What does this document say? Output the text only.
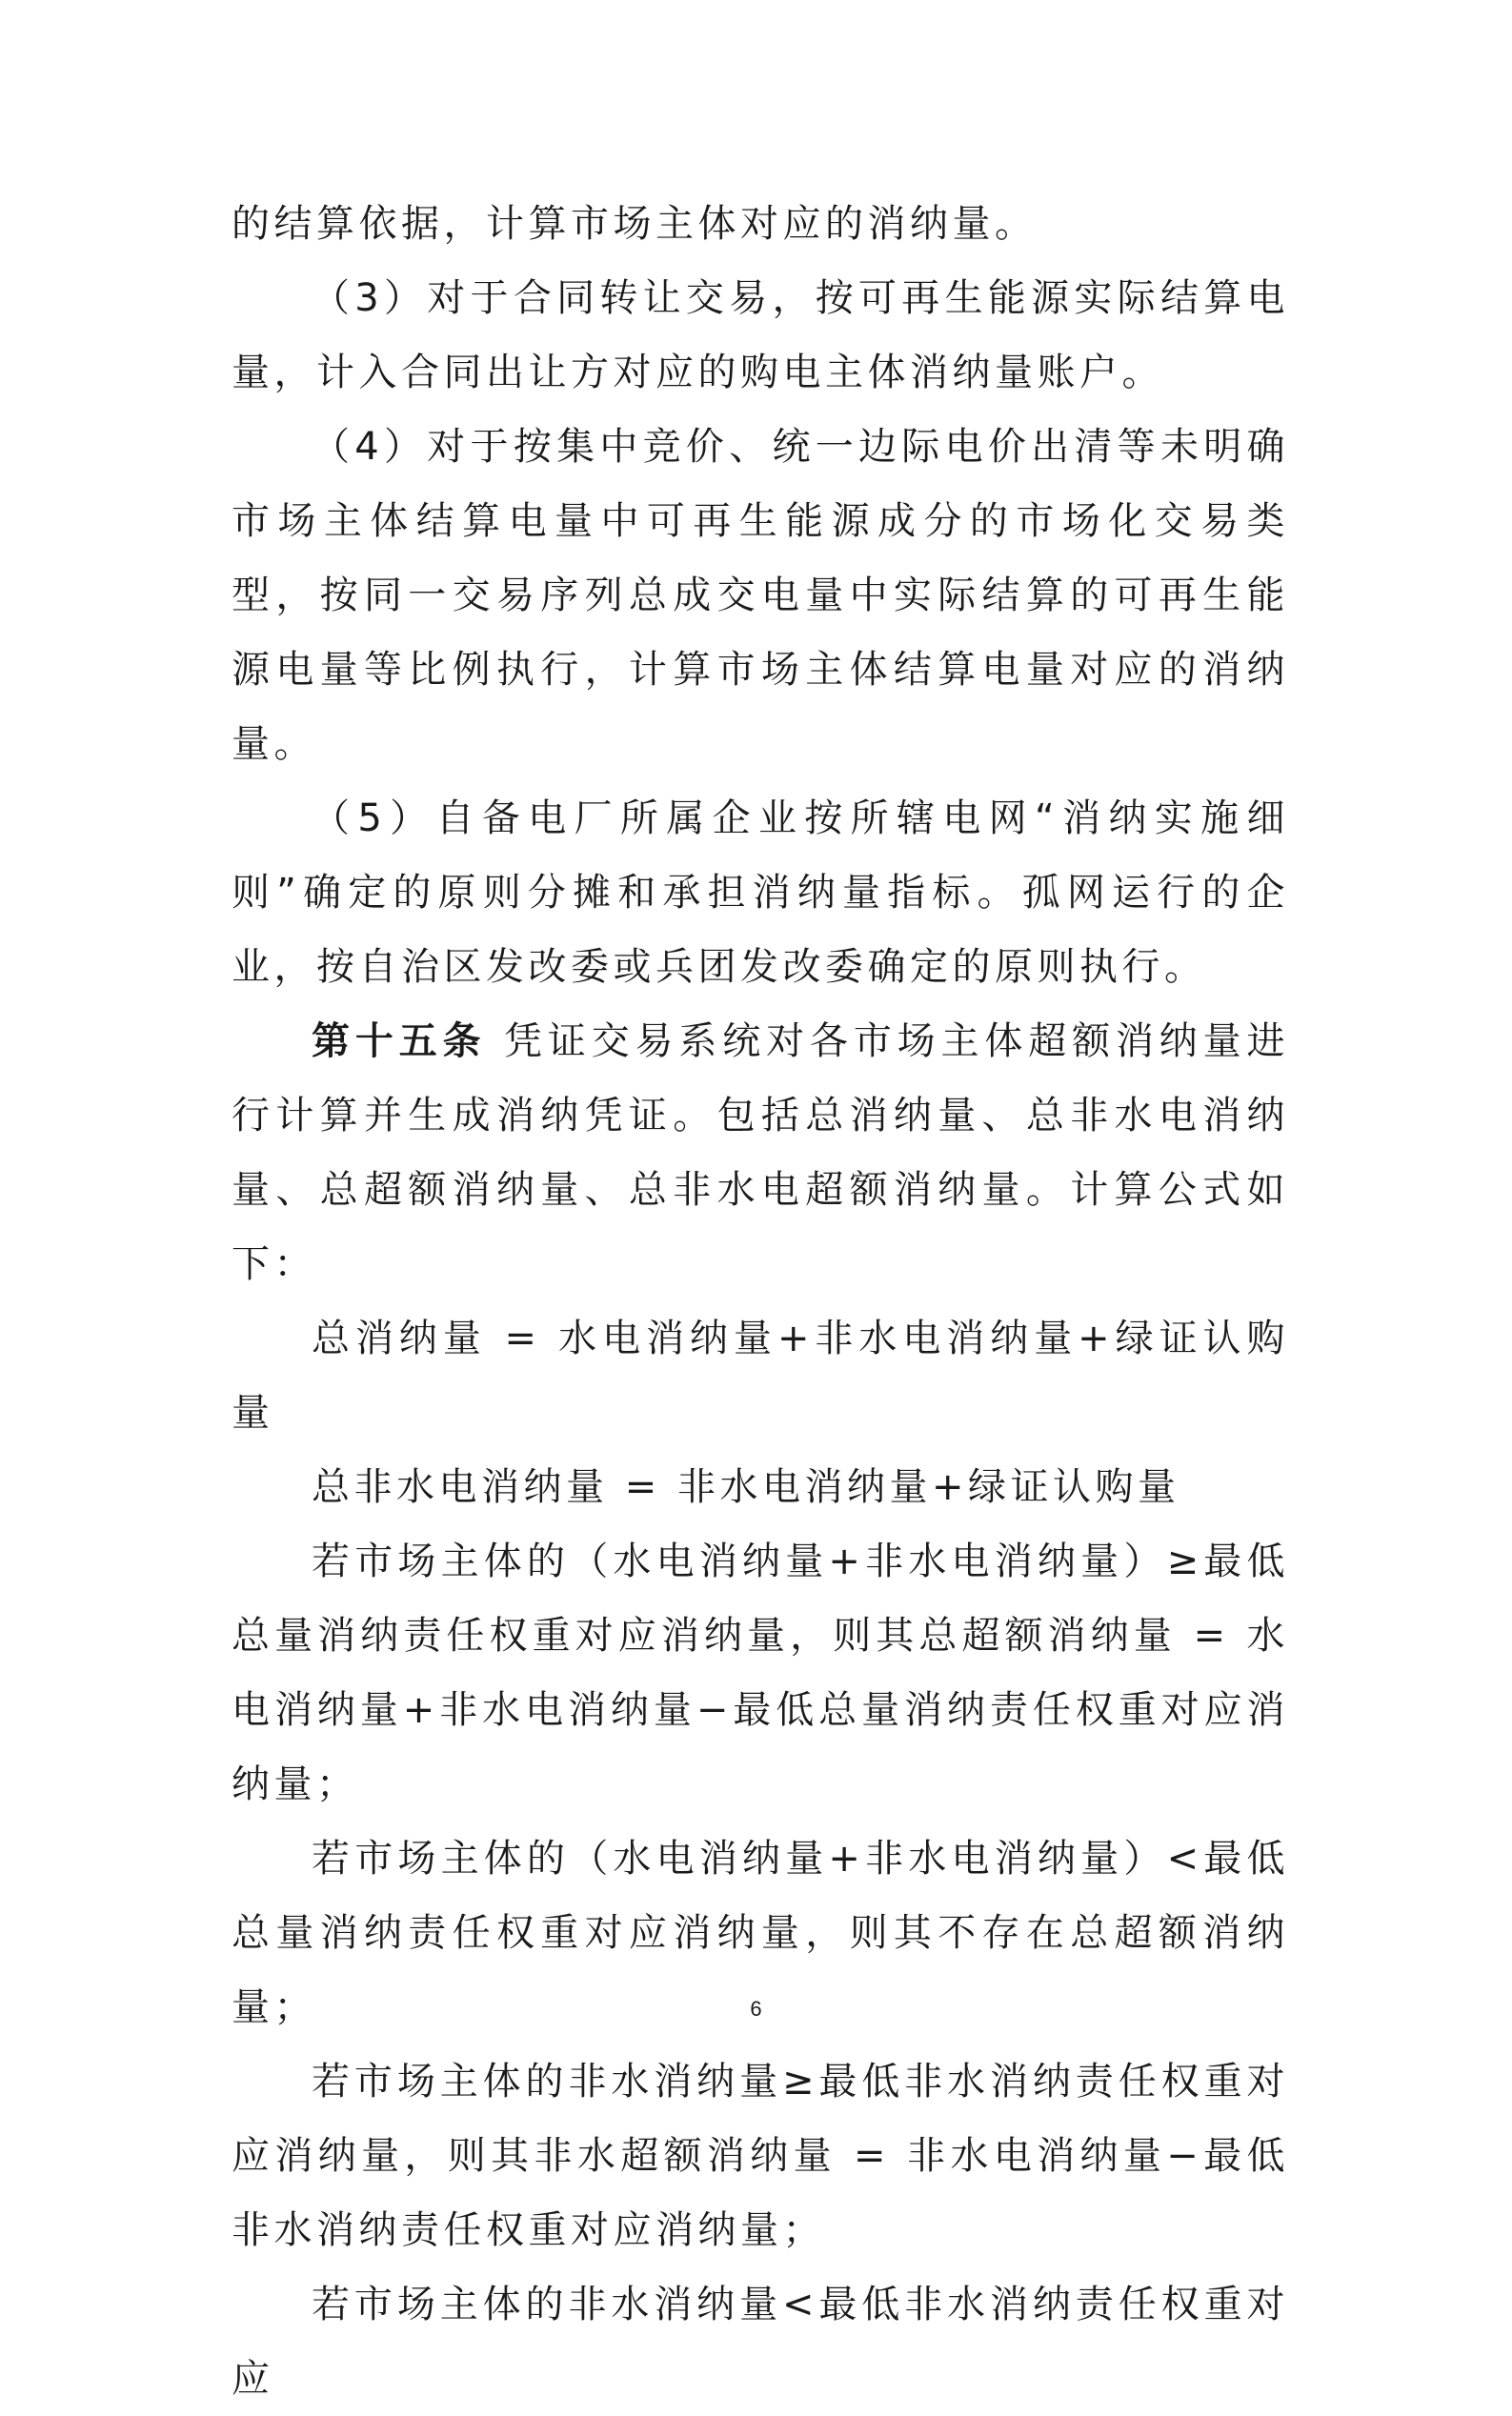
的结算依据，计算市场主体对应的消纳量。

（3）对于合同转让交易，按可再生能源实际结算电量，计入合同出让方对应的购电主体消纳量账户。

（4）对于按集中竞价、统一边际电价出清等未明确市场主体结算电量中可再生能源成分的市场化交易类型，按同一交易序列总成交电量中实际结算的可再生能源电量等比例执行，计算市场主体结算电量对应的消纳量。

（5）自备电厂所属企业按所辖电网“消纳实施细则”确定的原则分摊和承担消纳量指标。孤网运行的企业，按自治区发改委或兵团发改委确定的原则执行。

第十五条 凭证交易系统对各市场主体超额消纳量进行计算并生成消纳凭证。包括总消纳量、总非水电消纳量、总超额消纳量、总非水电超额消纳量。计算公式如下：

总消纳量 = 水电消纳量+非水电消纳量+绿证认购量

总非水电消纳量 = 非水电消纳量+绿证认购量

若市场主体的（水电消纳量+非水电消纳量）≥最低总量消纳责任权重对应消纳量，则其总超额消纳量 = 水电消纳量+非水电消纳量−最低总量消纳责任权重对应消纳量；

若市场主体的（水电消纳量+非水电消纳量）<最低总量消纳责任权重对应消纳量，则其不存在总超额消纳量；

若市场主体的非水消纳量≥最低非水消纳责任权重对应消纳量，则其非水超额消纳量 = 非水电消纳量−最低非水消纳责任权重对应消纳量；

若市场主体的非水消纳量<最低非水消纳责任权重对应

6
